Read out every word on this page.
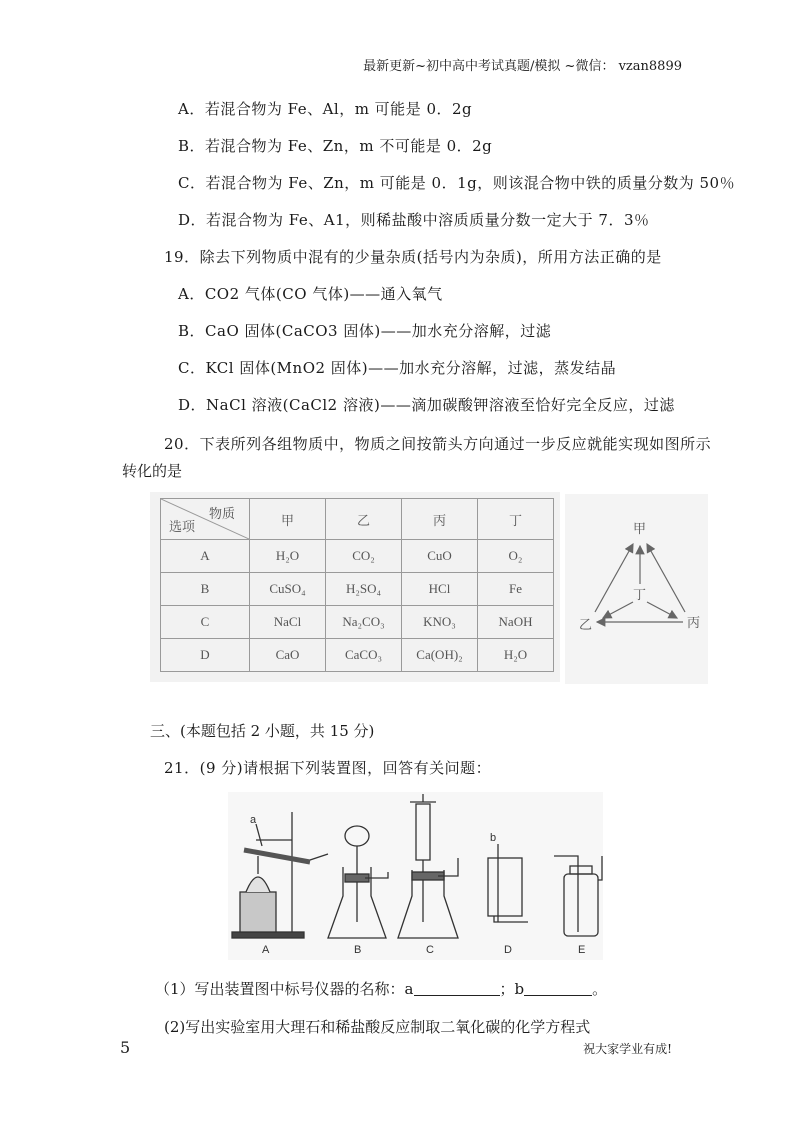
最新更新~初中高中考试真题/模拟 ~微信： vzan8899
A．若混合物为 Fe、Al，m 可能是 0．2g
B．若混合物为 Fe、Zn，m 不可能是 0．2g
C．若混合物为 Fe、Zn，m 可能是 0．1g，则该混合物中铁的质量分数为 50％
D．若混合物为 Fe、A1，则稀盐酸中溶质质量分数一定大于 7．3％
19．除去下列物质中混有的少量杂质(括号内为杂质)，所用方法正确的是
A．CO2 气体(CO 气体)——通入氧气
B．CaO 固体(CaCO3 固体)——加水充分溶解，过滤
C．KCl 固体(MnO2 固体)——加水充分溶解，过滤，蒸发结晶
D．NaCl 溶液(CaCl2 溶液)——滴加碳酸钾溶液至恰好完全反应，过滤
20．下表所列各组物质中，物质之间按箭头方向通过一步反应就能实现如图所示
转化的是
物质
选项	甲	乙	丙	丁
A	H₂O	CO₂	CuO	O₂
B	CuSO₄	H₂SO₄	HCl	Fe
C	NaCl	Na₂CO₃	KNO₃	NaOH
D	CaO	CaCO₃	Ca(OH)₂	H₂O
甲
丁
乙	丙
三、(本题包括 2 小题，共 15 分)
21．(9 分)请根据下列装置图，回答有关问题：
a
b
A	B	C	D	E
（1）写出装置图中标号仪器的名称：a	；b	。
(2)写出实验室用大理石和稀盐酸反应制取二氧化碳的化学方程式
5	祝大家学业有成!
